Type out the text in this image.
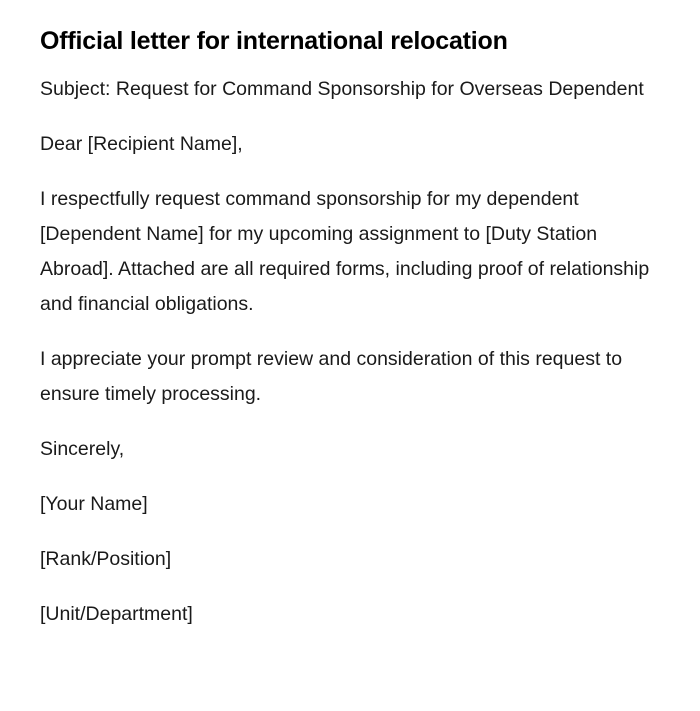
Official letter for international relocation

Subject: Request for Command Sponsorship for Overseas Dependent

Dear [Recipient Name],

I respectfully request command sponsorship for my dependent [Dependent Name] for my upcoming assignment to [Duty Station Abroad]. Attached are all required forms, including proof of relationship and financial obligations.

I appreciate your prompt review and consideration of this request to ensure timely processing.

Sincerely,

[Your Name]

[Rank/Position]

[Unit/Department]
